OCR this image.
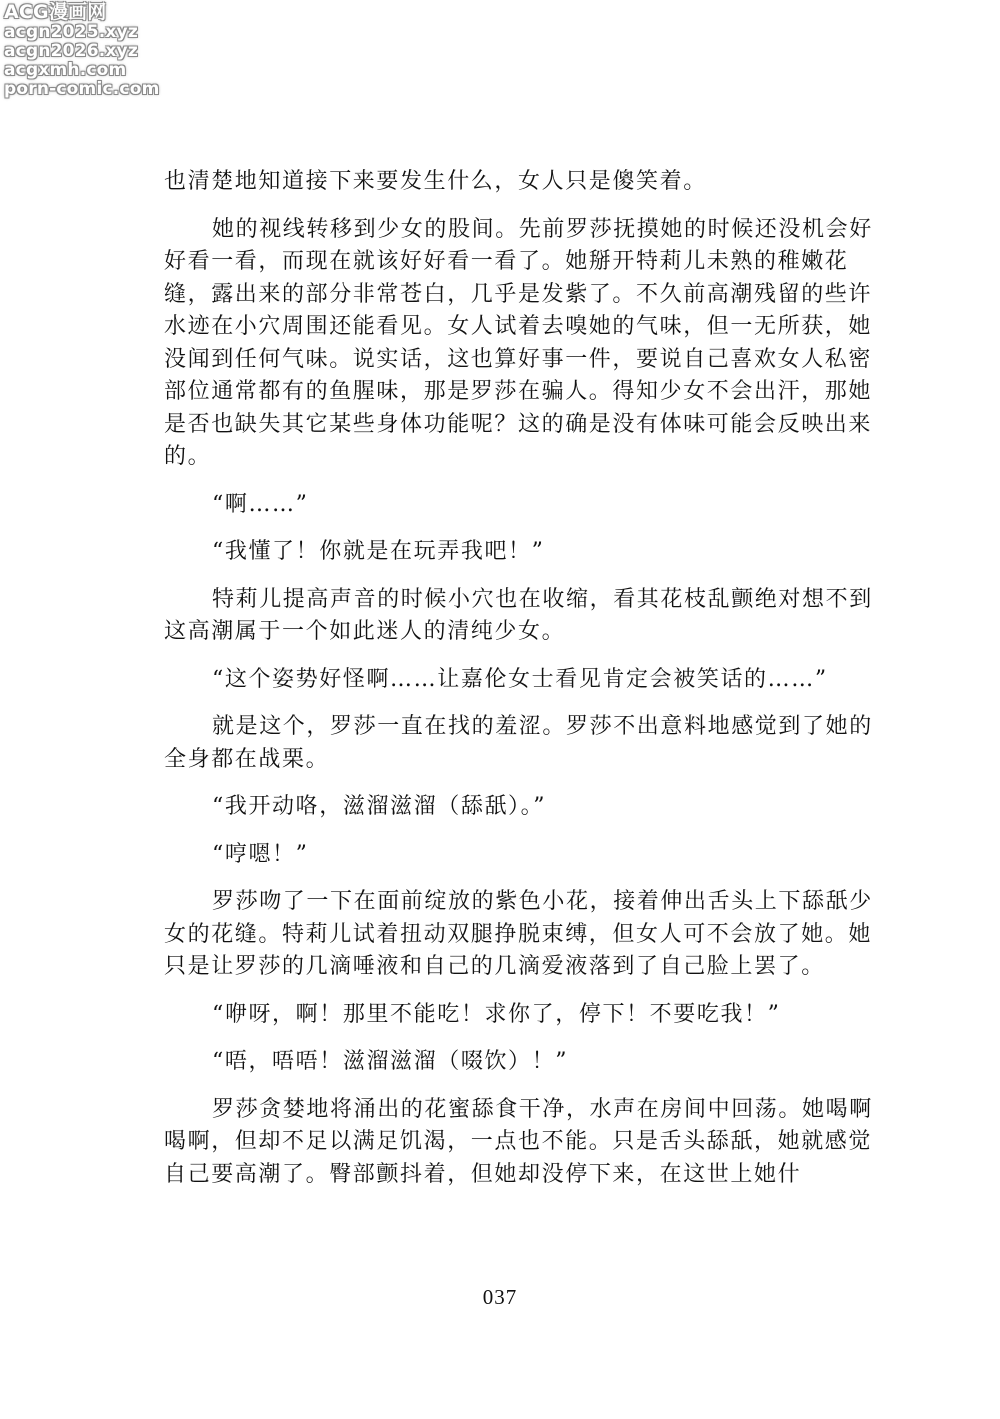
ACG漫画网
acgn2025.xyz
acgn2026.xyz
acgxmh.com
porn-comic.com

也清楚地知道接下来要发生什么，女人只是傻笑着。

她的视线转移到少女的股间。先前罗莎抚摸她的时候还没机会好好看一看，而现在就该好好看一看了。她掰开特莉儿未熟的稚嫩花缝，露出来的部分非常苍白，几乎是发紫了。不久前高潮残留的些许水迹在小穴周围还能看见。女人试着去嗅她的气味，但一无所获，她没闻到任何气味。说实话，这也算好事一件，要说自己喜欢女人私密部位通常都有的鱼腥味，那是罗莎在骗人。得知少女不会出汗，那她是否也缺失其它某些身体功能呢？这的确是没有体味可能会反映出来的。

“啊……”

“我懂了！你就是在玩弄我吧！”

特莉儿提高声音的时候小穴也在收缩，看其花枝乱颤绝对想不到这高潮属于一个如此迷人的清纯少女。

“这个姿势好怪啊……让嘉伦女士看见肯定会被笑话的……”

就是这个，罗莎一直在找的羞涩。罗莎不出意料地感觉到了她的全身都在战栗。

“我开动咯，滋溜滋溜（舔舐）。”

“哼嗯！”

罗莎吻了一下在面前绽放的紫色小花，接着伸出舌头上下舔舐少女的花缝。特莉儿试着扭动双腿挣脱束缚，但女人可不会放了她。她只是让罗莎的几滴唾液和自己的几滴爱液落到了自己脸上罢了。

“咿呀，啊！那里不能吃！求你了，停下！不要吃我！”

“唔，唔唔！滋溜滋溜（啜饮）！”

罗莎贪婪地将涌出的花蜜舔食干净，水声在房间中回荡。她喝啊喝啊，但却不足以满足饥渴，一点也不能。只是舌头舔舐，她就感觉自己要高潮了。臀部颤抖着，但她却没停下来，在这世上她什

037
